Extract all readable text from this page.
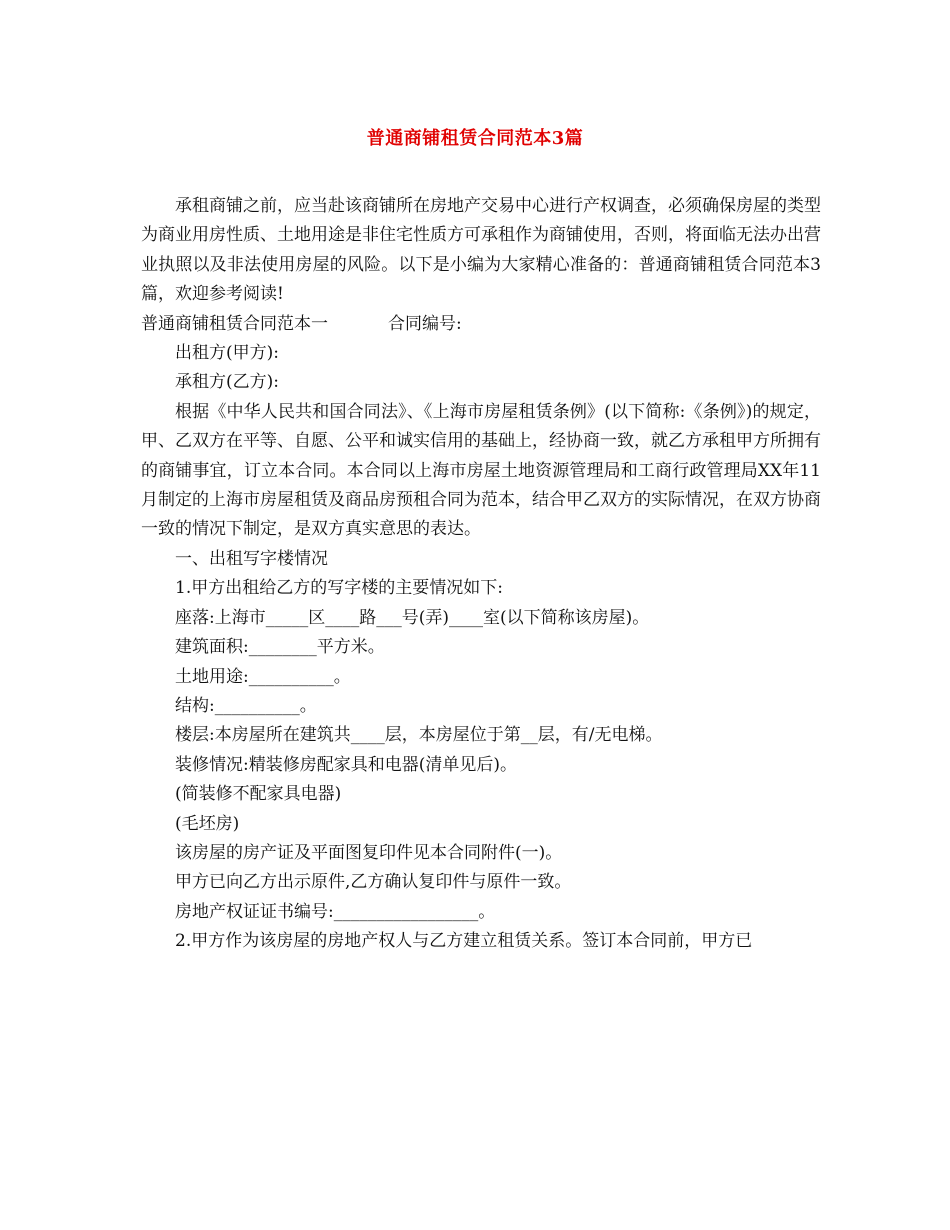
普通商铺租赁合同范本3篇

承租商铺之前，应当赴该商铺所在房地产交易中心进行产权调查，必须确保房屋的类型为商业用房性质、土地用途是非住宅性质方可承租作为商铺使用，否则，将面临无法办出营业执照以及非法使用房屋的风险。以下是小编为大家精心准备的：普通商铺租赁合同范本3篇，欢迎参考阅读!

普通商铺租赁合同范本一	合同编号:

出租方(甲方):

承租方(乙方):

根据《中华人民共和国合同法》、《上海市房屋租赁条例》(以下简称:《条例》)的规定，甲、乙双方在平等、自愿、公平和诚实信用的基础上，经协商一致，就乙方承租甲方所拥有的商铺事宜，订立本合同。本合同以上海市房屋土地资源管理局和工商行政管理局XX年11月制定的上海市房屋租赁及商品房预租合同为范本，结合甲乙双方的实际情况，在双方协商一致的情况下制定，是双方真实意思的表达。

一、出租写字楼情况

1.甲方出租给乙方的写字楼的主要情况如下:

座落:上海市_____区____路___号(弄)____室(以下简称该房屋)。

建筑面积:________平方米。

土地用途:__________。

结构:__________。

楼层:本房屋所在建筑共____层，本房屋位于第__层，有/无电梯。

装修情况:精装修房配家具和电器(清单见后)。

(简装修不配家具电器)

(毛坯房)

该房屋的房产证及平面图复印件见本合同附件(一)。

甲方已向乙方出示原件,乙方确认复印件与原件一致。

房地产权证证书编号:_________________。

2.甲方作为该房屋的房地产权人与乙方建立租赁关系。签订本合同前，甲方已
